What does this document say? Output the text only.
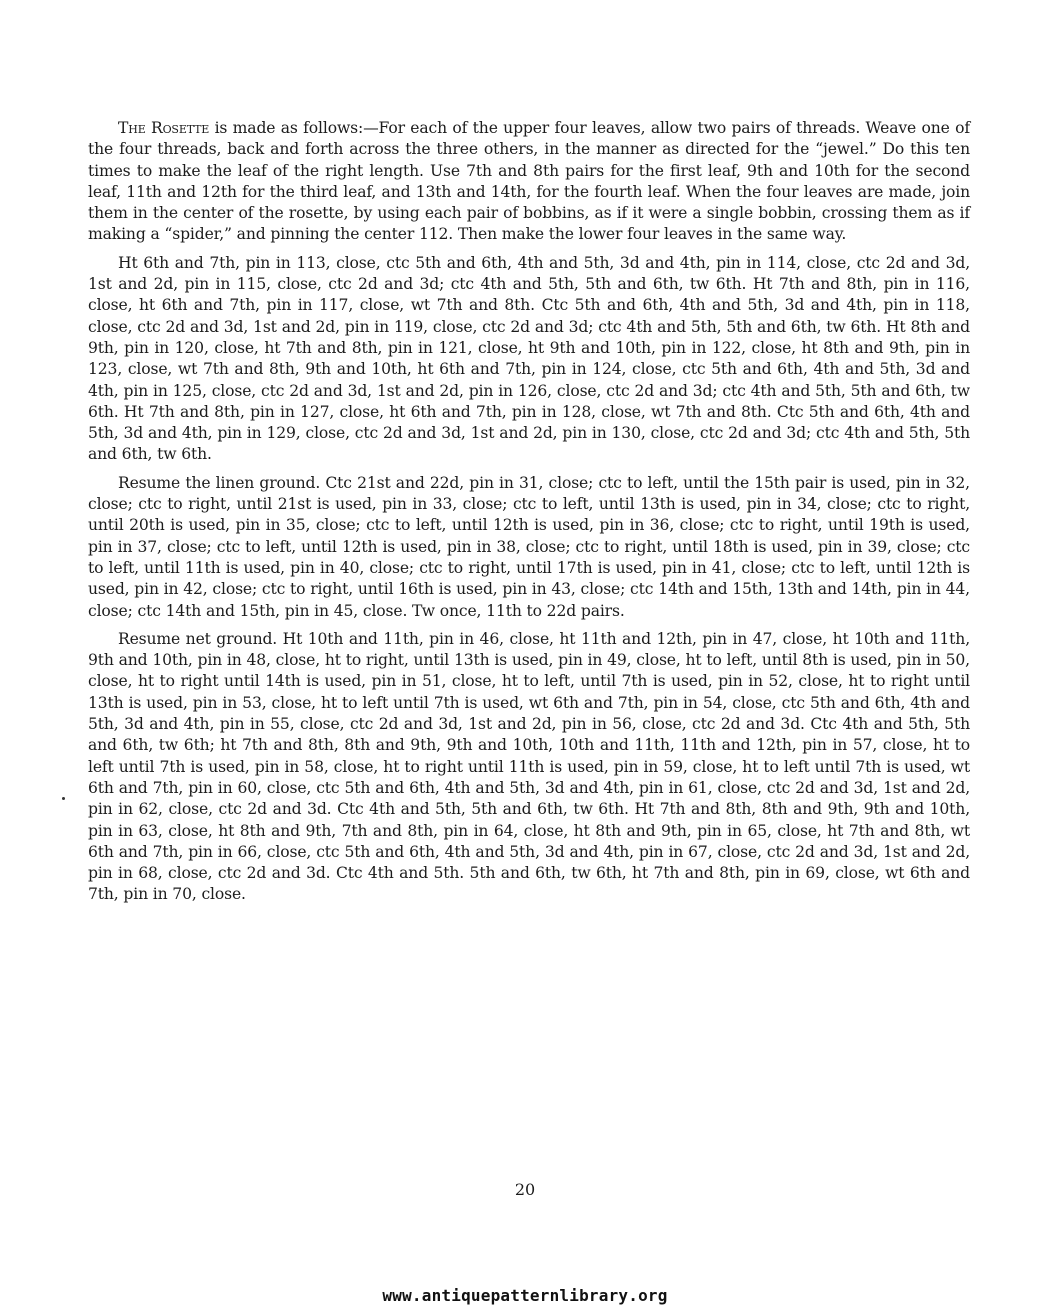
The Rosette is made as follows:—For each of the upper four leaves, allow two pairs of threads. Weave one of the four threads, back and forth across the three others, in the manner as directed for the “jewel.” Do this ten times to make the leaf of the right length. Use 7th and 8th pairs for the first leaf, 9th and 10th for the second leaf, 11th and 12th for the third leaf, and 13th and 14th, for the fourth leaf. When the four leaves are made, join them in the center of the rosette, by using each pair of bobbins, as if it were a single bobbin, crossing them as if making a “spider,” and pinning the center 112. Then make the lower four leaves in the same way.

Ht 6th and 7th, pin in 113, close, ctc 5th and 6th, 4th and 5th, 3d and 4th, pin in 114, close, ctc 2d and 3d, 1st and 2d, pin in 115, close, ctc 2d and 3d; ctc 4th and 5th, 5th and 6th, tw 6th. Ht 7th and 8th, pin in 116, close, ht 6th and 7th, pin in 117, close, wt 7th and 8th. Ctc 5th and 6th, 4th and 5th, 3d and 4th, pin in 118, close, ctc 2d and 3d, 1st and 2d, pin in 119, close, ctc 2d and 3d; ctc 4th and 5th, 5th and 6th, tw 6th. Ht 8th and 9th, pin in 120, close, ht 7th and 8th, pin in 121, close, ht 9th and 10th, pin in 122, close, ht 8th and 9th, pin in 123, close, wt 7th and 8th, 9th and 10th, ht 6th and 7th, pin in 124, close, ctc 5th and 6th, 4th and 5th, 3d and 4th, pin in 125, close, ctc 2d and 3d, 1st and 2d, pin in 126, close, ctc 2d and 3d; ctc 4th and 5th, 5th and 6th, tw 6th. Ht 7th and 8th, pin in 127, close, ht 6th and 7th, pin in 128, close, wt 7th and 8th. Ctc 5th and 6th, 4th and 5th, 3d and 4th, pin in 129, close, ctc 2d and 3d, 1st and 2d, pin in 130, close, ctc 2d and 3d; ctc 4th and 5th, 5th and 6th, tw 6th.

Resume the linen ground. Ctc 21st and 22d, pin in 31, close; ctc to left, until the 15th pair is used, pin in 32, close; ctc to right, until 21st is used, pin in 33, close; ctc to left, until 13th is used, pin in 34, close; ctc to right, until 20th is used, pin in 35, close; ctc to left, until 12th is used, pin in 36, close; ctc to right, until 19th is used, pin in 37, close; ctc to left, until 12th is used, pin in 38, close; ctc to right, until 18th is used, pin in 39, close; ctc to left, until 11th is used, pin in 40, close; ctc to right, until 17th is used, pin in 41, close; ctc to left, until 12th is used, pin in 42, close; ctc to right, until 16th is used, pin in 43, close; ctc 14th and 15th, 13th and 14th, pin in 44, close; ctc 14th and 15th, pin in 45, close. Tw once, 11th to 22d pairs.

Resume net ground. Ht 10th and 11th, pin in 46, close, ht 11th and 12th, pin in 47, close, ht 10th and 11th, 9th and 10th, pin in 48, close, ht to right, until 13th is used, pin in 49, close, ht to left, until 8th is used, pin in 50, close, ht to right until 14th is used, pin in 51, close, ht to left, until 7th is used, pin in 52, close, ht to right until 13th is used, pin in 53, close, ht to left until 7th is used, wt 6th and 7th, pin in 54, close, ctc 5th and 6th, 4th and 5th, 3d and 4th, pin in 55, close, ctc 2d and 3d, 1st and 2d, pin in 56, close, ctc 2d and 3d. Ctc 4th and 5th, 5th and 6th, tw 6th; ht 7th and 8th, 8th and 9th, 9th and 10th, 10th and 11th, 11th and 12th, pin in 57, close, ht to left until 7th is used, pin in 58, close, ht to right until 11th is used, pin in 59, close, ht to left until 7th is used, wt 6th and 7th, pin in 60, close, ctc 5th and 6th, 4th and 5th, 3d and 4th, pin in 61, close, ctc 2d and 3d, 1st and 2d, pin in 62, close, ctc 2d and 3d. Ctc 4th and 5th, 5th and 6th, tw 6th. Ht 7th and 8th, 8th and 9th, 9th and 10th, pin in 63, close, ht 8th and 9th, 7th and 8th, pin in 64, close, ht 8th and 9th, pin in 65, close, ht 7th and 8th, wt 6th and 7th, pin in 66, close, ctc 5th and 6th, 4th and 5th, 3d and 4th, pin in 67, close, ctc 2d and 3d, 1st and 2d, pin in 68, close, ctc 2d and 3d. Ctc 4th and 5th. 5th and 6th, tw 6th, ht 7th and 8th, pin in 69, close, wt 6th and 7th, pin in 70, close.

20
www.antiquepatternlibrary.org
